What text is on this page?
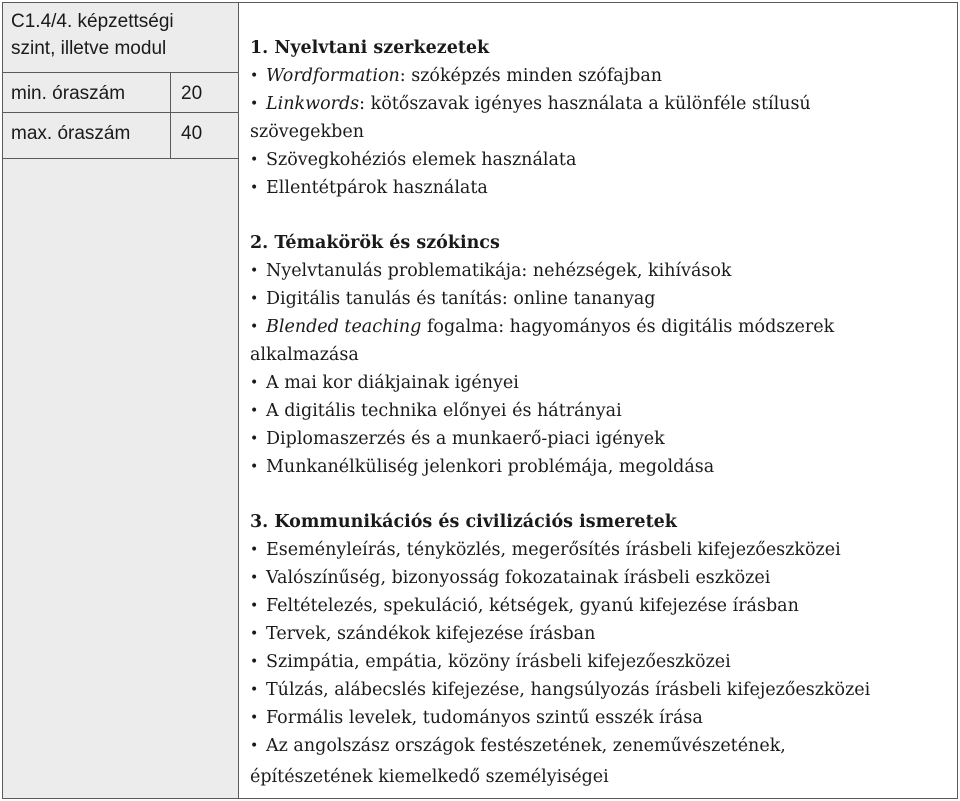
C1.4/4. képzettségi
szint, illetve modul
min. óraszám	20
max. óraszám	40
1. Nyelvtani szerkezetek
• Wordformation: szóképzés minden szófajban
• Linkwords: kötőszavak igényes használata a különféle stílusú
szövegekben
• Szövegkohéziós elemek használata
• Ellentétpárok használata
2. Témakörök és szókincs
• Nyelvtanulás problematikája: nehézségek, kihívások
• Digitális tanulás és tanítás: online tananyag
• Blended teaching fogalma: hagyományos és digitális módszerek
alkalmazása
• A mai kor diákjainak igényei
• A digitális technika előnyei és hátrányai
• Diplomaszerzés és a munkaerő-piaci igények
• Munkanélküliség jelenkori problémája, megoldása
3. Kommunikációs és civilizációs ismeretek
• Eseményleírás, tényközlés, megerősítés írásbeli kifejezőeszközei
• Valószínűség, bizonyosság fokozatainak írásbeli eszközei
• Feltételezés, spekuláció, kétségek, gyanú kifejezése írásban
• Tervek, szándékok kifejezése írásban
• Szimpátia, empátia, közöny írásbeli kifejezőeszközei
• Túlzás, alábecslés kifejezése, hangsúlyozás írásbeli kifejezőeszközei
• Formális levelek, tudományos szintű esszék írása
• Az angolszász országok festészetének, zeneművészetének,
építészetének kiemelkedő személyiségei
